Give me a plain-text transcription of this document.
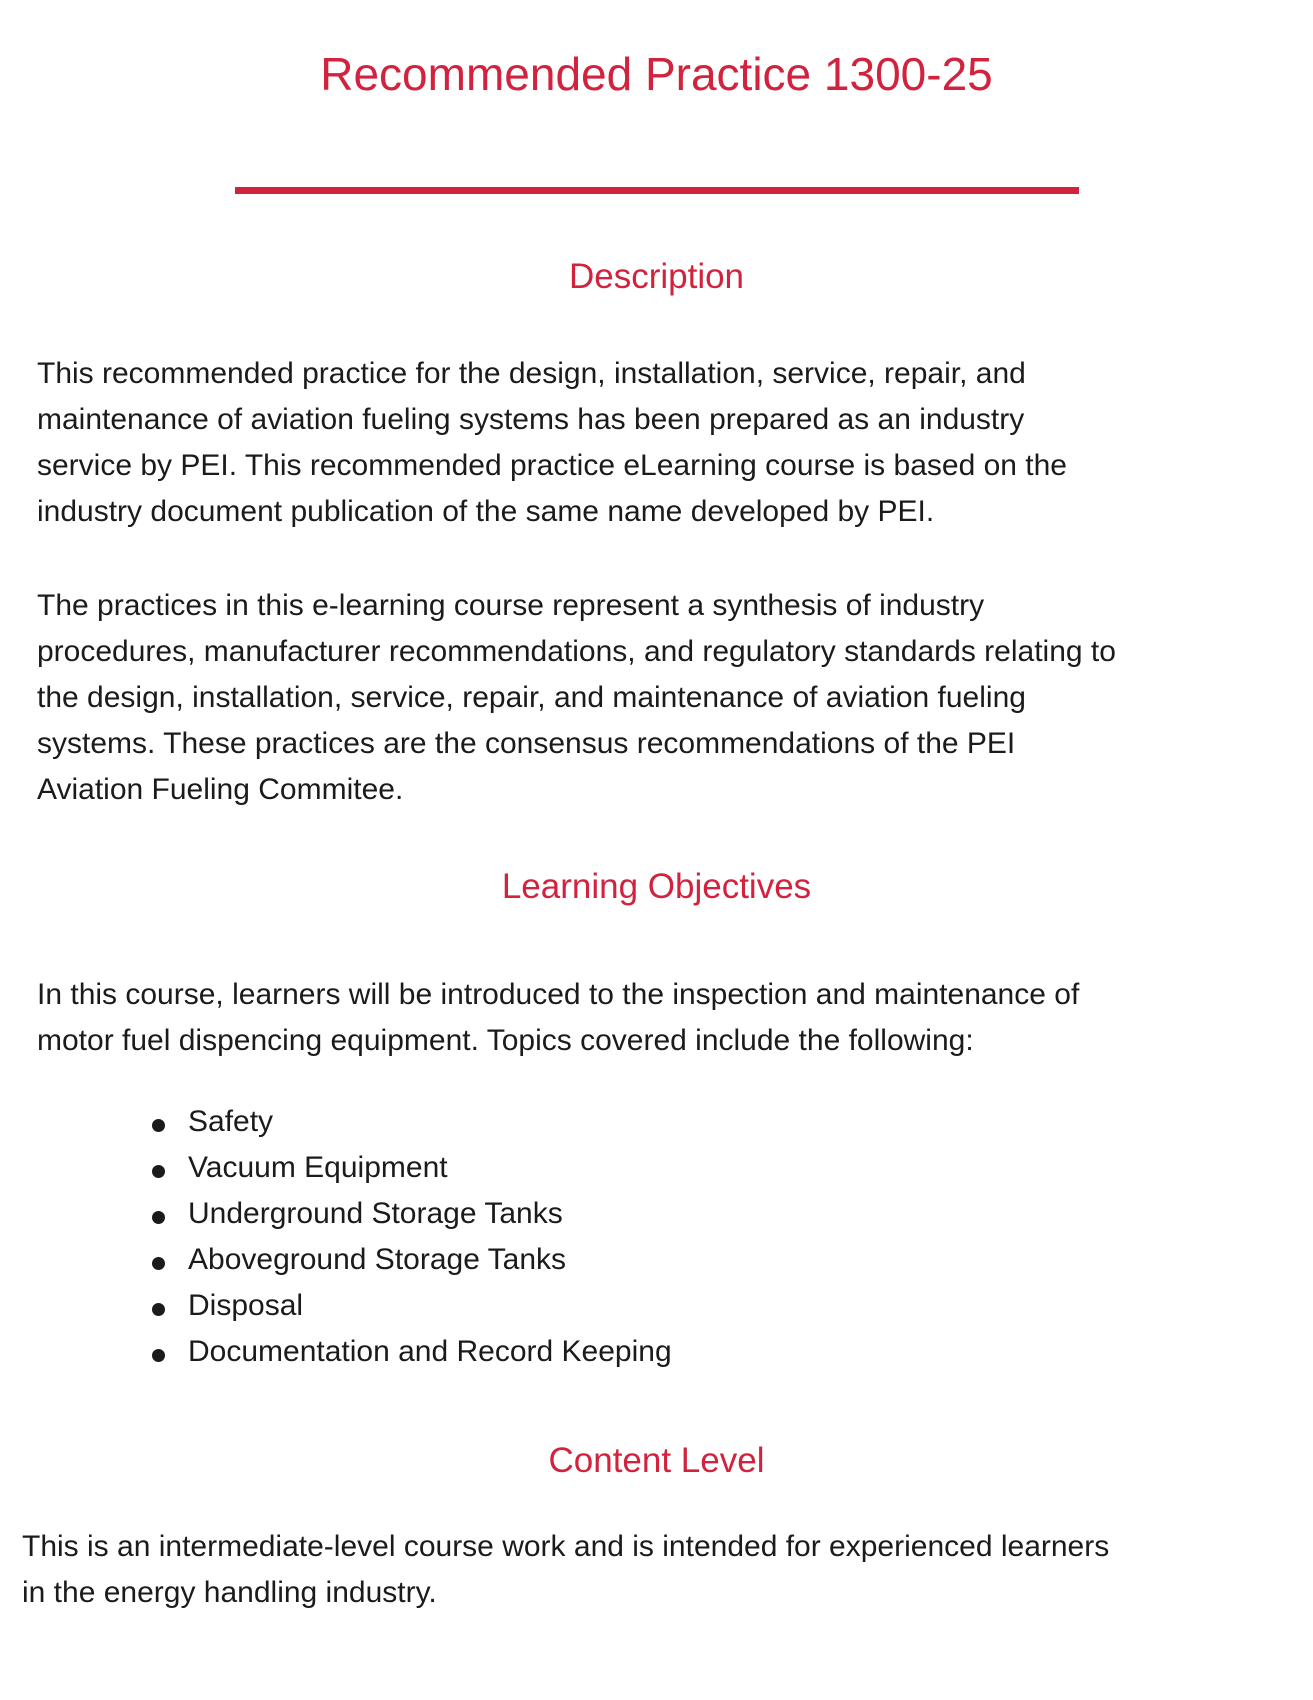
Recommended Practice 1300-25
Description
This recommended practice for the design, installation, service, repair, and
maintenance of aviation fueling systems has been prepared as an industry
service by PEI. This recommended practice eLearning course is based on the
industry document publication of the same name developed by PEI.
The practices in this e-learning course represent a synthesis of industry
procedures, manufacturer recommendations, and regulatory standards relating to
the design, installation, service, repair, and maintenance of aviation fueling
systems. These practices are the consensus recommendations of the PEI
Aviation Fueling Commitee.
Learning Objectives
In this course, learners will be introduced to the inspection and maintenance of
motor fuel dispencing equipment. Topics covered include the following:
Safety
Vacuum Equipment
Underground Storage Tanks
Aboveground Storage Tanks
Disposal
Documentation and Record Keeping
Content Level
This is an intermediate-level course work and is intended for experienced learners
in the energy handling industry.
